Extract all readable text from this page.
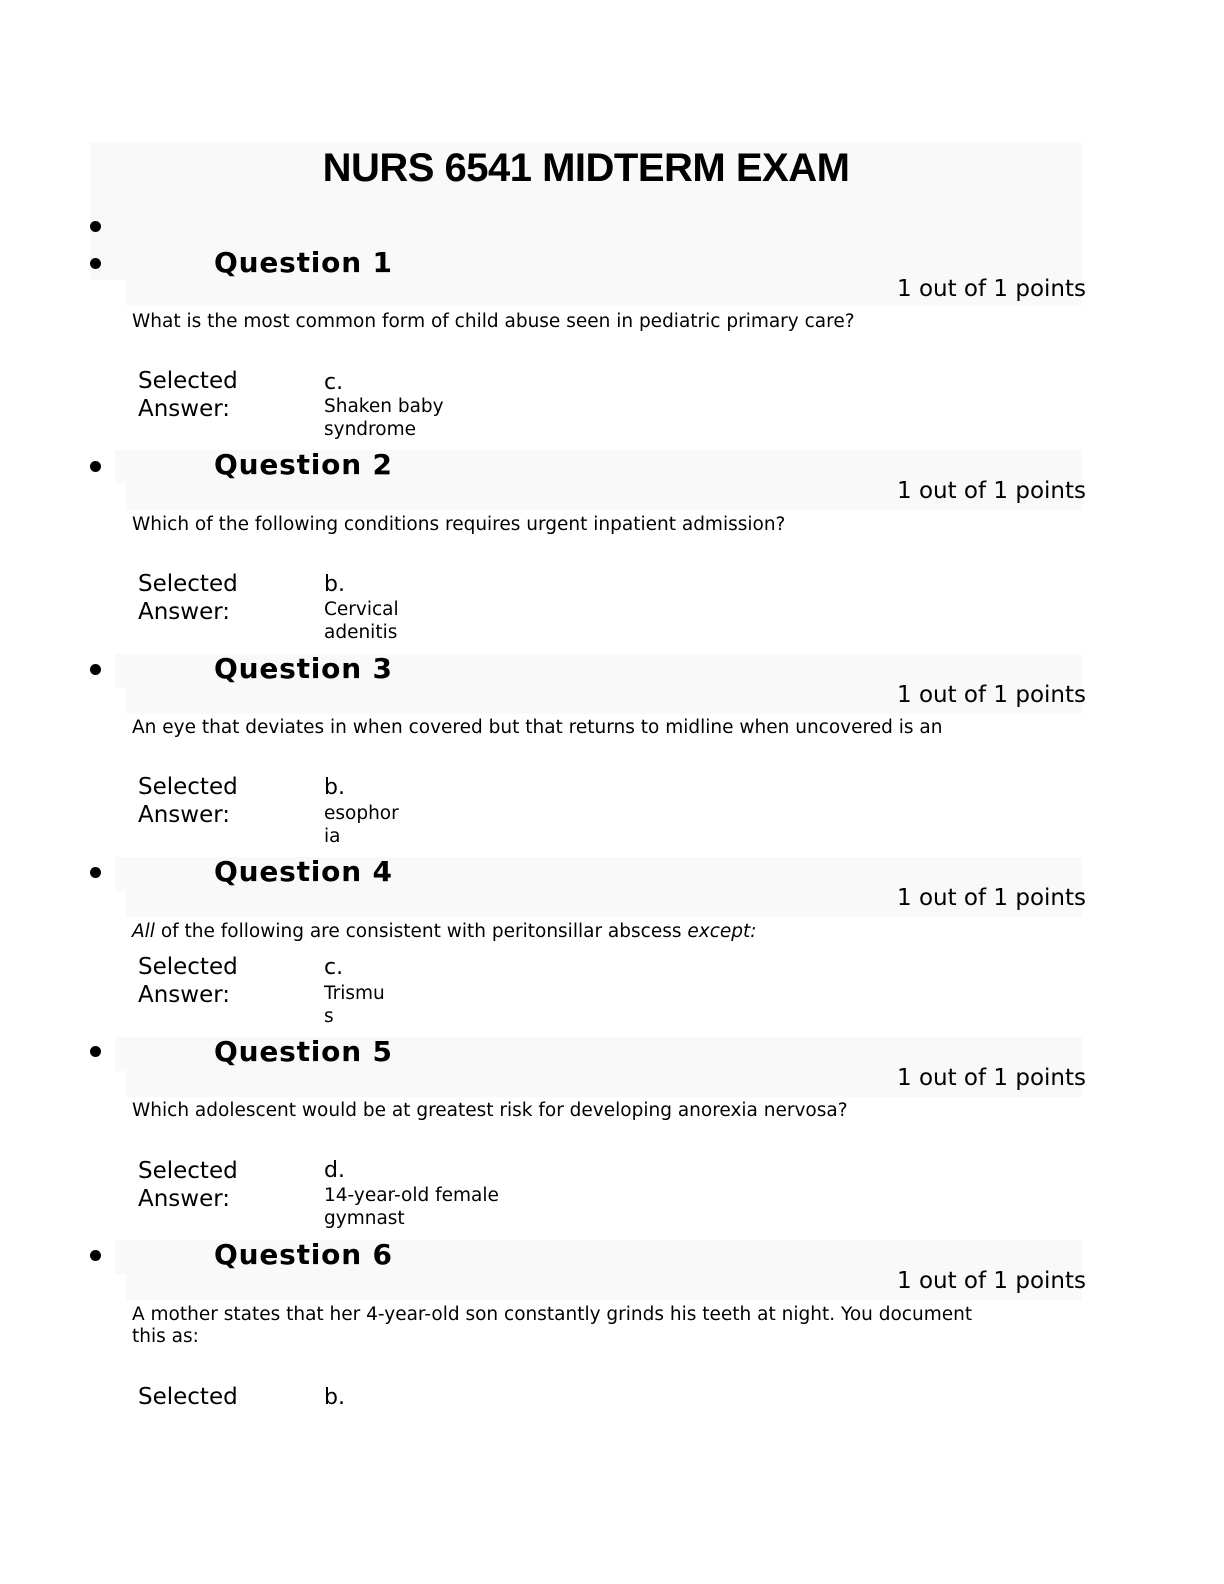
NURS 6541 MIDTERM EXAM
Question 1
1 out of 1 points
What is the most common form of child abuse seen in pediatric primary care?
Selected
Answer:
c.
Shaken baby
syndrome
Question 2
1 out of 1 points
Which of the following conditions requires urgent inpatient admission?
Selected
Answer:
b.
Cervical
adenitis
Question 3
1 out of 1 points
An eye that deviates in when covered but that returns to midline when uncovered is an
Selected
Answer:
b.
esophor
ia
Question 4
1 out of 1 points
All of the following are consistent with peritonsillar abscess except:
Selected
Answer:
c.
Trismu
s
Question 5
1 out of 1 points
Which adolescent would be at greatest risk for developing anorexia nervosa?
Selected
Answer:
d.
14-year-old female
gymnast
Question 6
1 out of 1 points
A mother states that her 4-year-old son constantly grinds his teeth at night. You document
this as:
Selected	b.
